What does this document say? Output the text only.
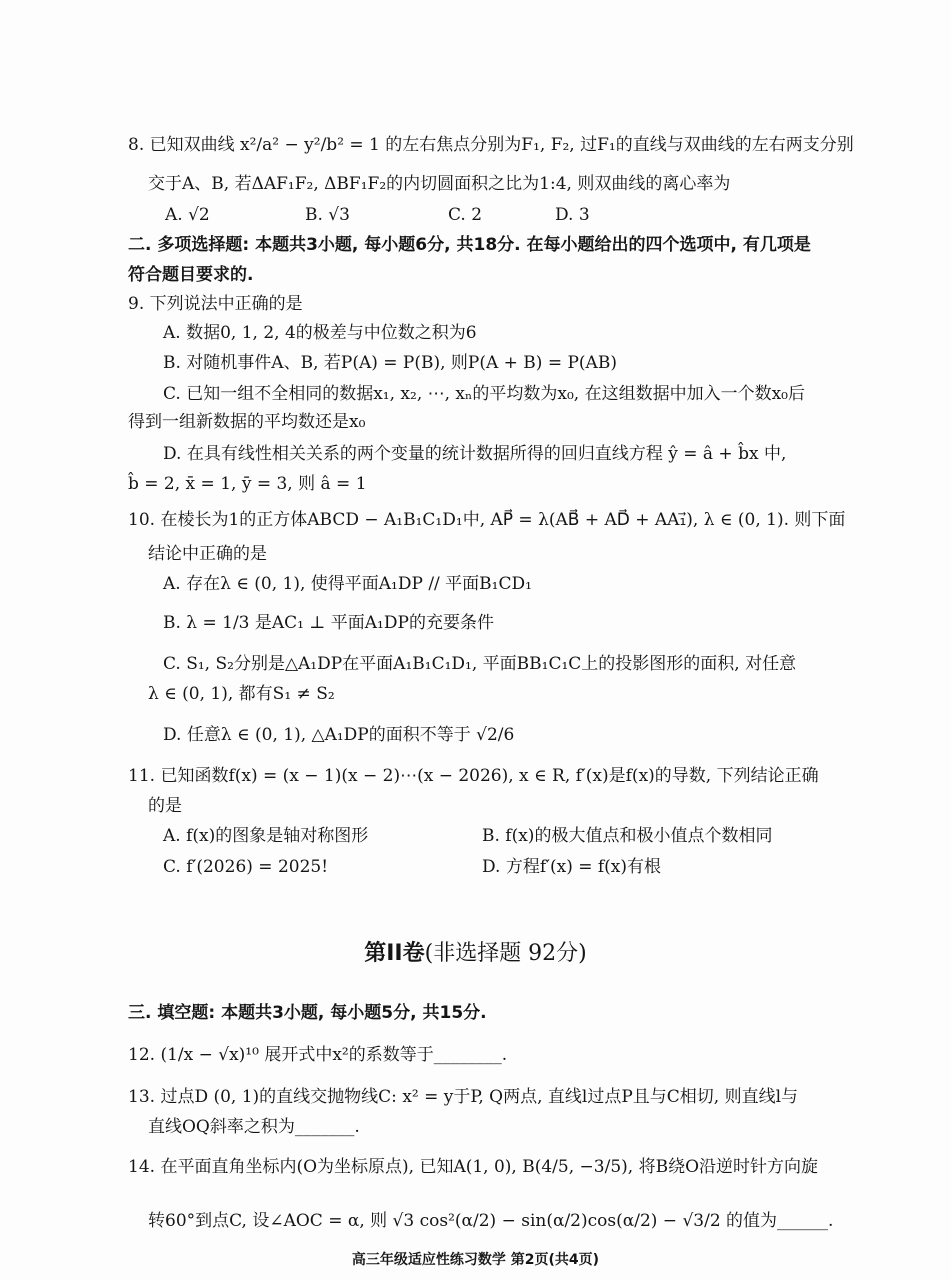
8. 已知双曲线 x²/a² − y²/b² = 1 的左右焦点分别为F₁, F₂, 过F₁的直线与双曲线的左右两支分别
交于A、B, 若ΔAF₁F₂, ΔBF₁F₂的内切圆面积之比为1:4, 则双曲线的离心率为
A. √2	B. √3	C. 2	D. 3
二. 多项选择题: 本题共3小题, 每小题6分, 共18分. 在每小题给出的四个选项中, 有几项是
符合题目要求的.
9. 下列说法中正确的是
A. 数据0, 1, 2, 4的极差与中位数之积为6
B. 对随机事件A、B, 若P(A) = P(B), 则P(A + B) = P(AB)
C. 已知一组不全相同的数据x₁, x₂, ⋯, xₙ的平均数为x₀, 在这组数据中加入一个数x₀后
得到一组新数据的平均数还是x₀
D. 在具有线性相关关系的两个变量的统计数据所得的回归直线方程 ŷ = â + b̂x 中,
b̂ = 2, x̄ = 1, ȳ = 3, 则 â = 1
10. 在棱长为1的正方体ABCD − A₁B₁C₁D₁中, AP⃗ = λ(AB⃗ + AD⃗ + AA₁⃗), λ ∈ (0, 1). 则下面
结论中正确的是
A. 存在λ ∈ (0, 1), 使得平面A₁DP // 平面B₁CD₁
B. λ = 1/3 是AC₁ ⊥ 平面A₁DP的充要条件
C. S₁, S₂分别是△A₁DP在平面A₁B₁C₁D₁, 平面BB₁C₁C上的投影图形的面积, 对任意
λ ∈ (0, 1), 都有S₁ ≠ S₂
D. 任意λ ∈ (0, 1), △A₁DP的面积不等于 √2/6
11. 已知函数f(x) = (x − 1)(x − 2)⋯(x − 2026), x ∈ R, f′(x)是f(x)的导数, 下列结论正确
的是
A. f(x)的图象是轴对称图形	B. f(x)的极大值点和极小值点个数相同
C. f′(2026) = 2025!	D. 方程f′(x) = f(x)有根
第II卷(非选择题 92分)
三. 填空题: 本题共3小题, 每小题5分, 共15分.
12. (1/x − √x)¹⁰ 展开式中x²的系数等于________.
13. 过点D (0, 1)的直线交抛物线C: x² = y于P, Q两点, 直线l过点P且与C相切, 则直线l与
直线OQ斜率之积为_______.
14. 在平面直角坐标内(O为坐标原点), 已知A(1, 0), B(4/5, −3/5), 将B绕O沿逆时针方向旋
转60°到点C, 设∠AOC = α, 则 √3 cos²(α/2) − sin(α/2)cos(α/2) − √3/2 的值为______.
高三年级适应性练习数学 第2页(共4页)
